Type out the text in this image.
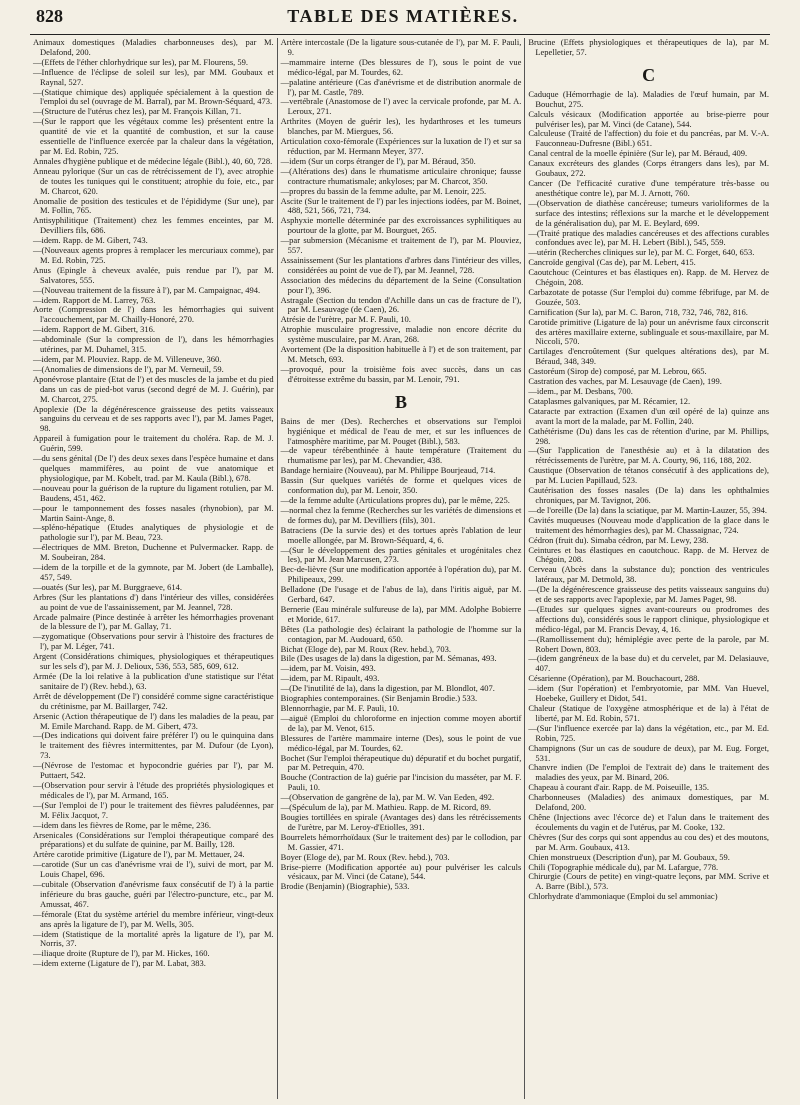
828	TABLE DES MATIÈRES.

Animaux domestiques (Maladies charbonneuses des), par M. Delafond, 200.

—(Effets de l'éther chlorhydrique sur les), par M. Flourens, 59.

—Influence de l'éclipse de soleil sur les), par MM. Goubaux et Raynal, 527.

—(Statique chimique des) appliquée spécialement à la question de l'emploi du sel (ouvrage de M. Barral), par M. Brown-Séquard, 473.

—(Structure de l'utérus chez les), par M. François Killan, 71.

—(Sur le rapport que les végétaux comme les) présentent entre la quantité de vie et la quantité de combustion, et sur la cause essentielle de l'influence exercée par la chaleur dans la végétation, par M. Ed. Robin, 725.

Annales d'hygiène publique et de médecine légale (Bibl.), 40, 60, 728.

Anneau pylorique (Sur un cas de rétrécissement de l'), avec atrophie de toutes les tuniques qui le constituent; atrophie du foie, etc., par M. Charcot, 620.

Anomalie de position des testicules et de l'épididyme (Sur une), par M. Follin, 765.

Antisyphilitique (Traitement) chez les femmes enceintes, par M. Devilliers fils, 686.

—idem. Rapp. de M. Gibert, 743.

—(Nouveaux agents propres à remplacer les mercuriaux comme), par M. Ed. Robin, 725.

Anus (Epingle à cheveux avalée, puis rendue par l'), par M. Salvatores, 555.

—(Nouveau traitement de la fissure à l'), par M. Campaignac, 494.

—idem. Rapport de M. Larrey, 763.

Aorte (Compression de l') dans les hémorrhagies qui suivent l'accouchement, par M. Chailly-Honoré, 270.

—idem. Rapport de M. Gibert, 316.

—abdominale (Sur la compression de l'), dans les hémorrhagies utérines, par M. Duhamel, 315.

—idem, par M. Plouviez. Rapp. de M. Villeneuve, 360.

—(Anomalies de dimensions de l'), par M. Verneuil, 59.

Aponévrose plantaire (Etat de l') et des muscles de la jambe et du pied dans un cas de pied-bot varus (second degré de M. J. Guérin), par M. Charcot, 275.

Apoplexie (De la dégénérescence graisseuse des petits vaisseaux sanguins du cerveau et de ses rapports avec l'), par M. James Paget, 98.

Appareil à fumigation pour le traitement du choléra. Rap. de M. J. Guérin, 599.

—du sens génital (De l') des deux sexes dans l'espèce humaine et dans quelques mammifères, au point de vue anatomique et physiologique, par M. Kobelt, trad. par M. Kaula (Bibl.), 678.

—nouveau pour la guérison de la rupture du ligament rotulien, par M. Baudens, 451, 462.

—pour le tamponnement des fosses nasales (rhynobion), par M. Martin Saint-Ange, 8.

—spléno-hépatique (Etudes analytiques de physiologie et de pathologie sur l'), par M. Beau, 723.

—électriques de MM. Breton, Duchenne et Pulvermacker. Rapp. de M. Soubeiran, 284.

—idem de la torpille et de la gymnote, par M. Jobert (de Lamballe), 457, 549.

—ouatés (Sur les), par M. Burggraeve, 614.

Arbres (Sur les plantations d') dans l'intérieur des villes, considérées au point de vue de l'assainissement, par M. Jeannel, 728.

Arcade palmaire (Pince destinée à arrêter les hémorrhagies provenant de la blessure de l'), par M. Gallay, 71.

—zygomatique (Observations pour servir à l'histoire des fractures de l'), par M. Léger, 741.

Argent (Considérations chimiques, physiologiques et thérapeutiques sur les sels d'), par M. J. Delioux, 536, 553, 585, 609, 612.

Armée (De la loi relative à la publication d'une statistique sur l'état sanitaire de l') (Rev. hebd.), 63.

Arrêt de développement (De l') considéré comme signe caractéristique du crétinisme, par M. Baillarger, 742.

Arsenic (Action thérapeutique de l') dans les maladies de la peau, par M. Emile Marchand. Rapp. de M. Gibert, 473.

—(Des indications qui doivent faire préférer l') ou le quinquina dans le traitement des fièvres intermittentes, par M. Dufour (de Lyon), 73.

—(Névrose de l'estomac et hypocondrie guéries par l'), par M. Puttaert, 542.

—(Observation pour servir à l'étude des propriétés physiologiques et médicales de l'), par M. Armand, 165.

—(Sur l'emploi de l') pour le traitement des fièvres paludéennes, par M. Félix Jacquot, 7.

—idem dans les fièvres de Rome, par le même, 236.

Arsenicales (Considérations sur l'emploi thérapeutique comparé des préparations) et du sulfate de quinine, par M. Bailly, 128.

Artère carotide primitive (Ligature de l'), par M. Mettauer, 24.

—carotide (Sur un cas d'anévrisme vrai de l'), suivi de mort, par M. Louis Chapel, 696.

—cubitale (Observation d'anévrisme faux consécutif de l') à la partie inférieure du bras gauche, guéri par l'électro-puncture, etc., par M. Amussat, 467.

—fémorale (Etat du système artériel du membre inférieur, vingt-deux ans après la ligature de l'), par M. Wells, 305.

—idem (Statistique de la mortalité après la ligature de l'), par M. Norris, 37.

—iliaque droite (Rupture de l'), par M. Hickes, 160.

—idem externe (Ligature de l'), par M. Labat, 383.

Artère intercostale (De la ligature sous-cutanée de l'), par M. F. Pauli, 9.

—mammaire interne (Des blessures de l'), sous le point de vue médico-légal, par M. Tourdes, 62.

—palatine antérieure (Cas d'anévrisme et de distribution anormale de l'), par M. Castle, 789.

—vertébrale (Anastomose de l') avec la cervicale profonde, par M. A. Leroux, 271.

Arthrites (Moyen de guérir les), les hydarthroses et les tumeurs blanches, par M. Miergues, 56.

Articulation coxo-fémorale (Expériences sur la luxation de l') et sur sa réduction, par M. Hermann Meyer, 377.

—idem (Sur un corps étranger de l'), par M. Béraud, 350.

—(Altérations des) dans le rhumatisme articulaire chronique; fausse contracture rhumatismale; ankyloses; par M. Charcot, 350.

—propres du bassin de la femme adulte, par M. Lenoir, 225.

Ascite (Sur le traitement de l') par les injections iodées, par M. Boinet, 488, 521, 566, 721, 734.

Asphyxie mortelle déterminée par des excroissances syphilitiques au pourtour de la glotte, par M. Bourguet, 265.

—par submersion (Mécanisme et traitement de l'), par M. Plouviez, 557.

Assainissement (Sur les plantations d'arbres dans l'intérieur des villes, considérées au point de vue de l'), par M. Jeannel, 728.

Association des médecins du département de la Seine (Consultation pour l'), 396.

Astragale (Section du tendon d'Achille dans un cas de fracture de l'), par M. Lesauvage (de Caen), 26.

Atrésie de l'urètre, par M. F. Pauli, 10.

Atrophie musculaire progressive, maladie non encore décrite du système musculaire, par M. Aran, 268.

Avortement (De la disposition habituelle à l') et de son traitement, par M. Metsch, 693.

—provoqué, pour la troisième fois avec succès, dans un cas d'étroitesse extrême du bassin, par M. Lenoir, 791.

B

Bains de mer (Des). Recherches et observations sur l'emploi hygiénique et médical de l'eau de mer, et sur les influences de l'atmosphère maritime, par M. Pouget (Bibl.), 583.

—de vapeur térébenthinée à haute température (Traitement du rhumatisme par les), par M. Chevandier, 438.

Bandage herniaire (Nouveau), par M. Philippe Bourjeaud, 714.

Bassin (Sur quelques variétés de forme et quelques vices de conformation du), par M. Lenoir, 350.

—de la femme adulte (Articulations propres du), par le même, 225.

—normal chez la femme (Recherches sur les variétés de dimensions et de formes du), par M. Devilliers (fils), 301.

Batraciens (De la survie des) et des tortues après l'ablation de leur moelle allongée, par M. Brown-Séquard, 4, 6.

—(Sur le développement des parties génitales et urogénitales chez les), par M. Jean Marcusen, 273.

Bec-de-lièvre (Sur une modification apportée à l'opération du), par M. Philipeaux, 299.

Belladone (De l'usage et de l'abus de la), dans l'iritis aiguë, par M. Gerbard, 647.

Bernerie (Eau minérale sulfureuse de la), par MM. Adolphe Bobierre et Moride, 617.

Bêtes (La pathologie des) éclairant la pathologie de l'homme sur la contagion, par M. Audouard, 650.

Bichat (Eloge de), par M. Roux (Rev. hebd.), 703.

Bile (Des usages de la) dans la digestion, par M. Sémanas, 493.

—idem, par M. Voisin, 493.

—idem, par M. Ripault, 493.

—(De l'inutilité de la), dans la digestion, par M. Blondlot, 407.

Biographies contemporaines. (Sir Benjamin Brodie.) 533.

Blennorrhagie, par M. F. Pauli, 10.

—aiguë (Emploi du chloroforme en injection comme moyen abortif de la), par M. Venot, 615.

Blessures de l'artère mammaire interne (Des), sous le point de vue médico-légal, par M. Tourdes, 62.

Bochet (Sur l'emploi thérapeutique du) dépuratif et du bochet purgatif, par M. Petrequin, 470.

Bouche (Contraction de la) guérie par l'incision du masséter, par M. F. Pauli, 10.

—(Observation de gangrène de la), par M. W. Van Eeden, 492.

—(Spéculum de la), par M. Mathieu. Rapp. de M. Ricord, 89.

Bougies tortillées en spirale (Avantages des) dans les rétrécissements de l'urètre, par M. Leroy-d'Etiolles, 391.

Bourrelets hémorrhoïdaux (Sur le traitement des) par le collodion, par M. Gassier, 471.

Boyer (Eloge de), par M. Roux (Rev. hebd.), 703.

Brise-pierre (Modification apportée au) pour pulvériser les calculs vésicaux, par M. Vinci (de Catane), 544.

Brodie (Benjamin) (Biographie), 533.

Brucine (Effets physiologiques et thérapeutiques de la), par M. Lepelletier, 57.

C

Caduque (Hémorrhagie de la). Maladies de l'œuf humain, par M. Bouchut, 275.

Calculs vésicaux (Modification apportée au brise-pierre pour pulvériser les), par M. Vinci (de Catane), 544.

Calculeuse (Traité de l'affection) du foie et du pancréas, par M. V.-A. Fauconneau-Dufresne (Bibl.) 651.

Canal central de la moelle épinière (Sur le), par M. Béraud, 409.

Canaux excréteurs des glandes (Corps étrangers dans les), par M. Goubaux, 272.

Cancer (De l'efficacité curative d'une température très-basse ou anesthétique contre le), par M. J. Arnott, 760.

—(Observation de diathèse cancéreuse; tumeurs varioliformes de la surface des intestins; réflexions sur la marche et le développement de la généralisation du), par M. E. Beylard, 699.

—(Traité pratique des maladies cancéreuses et des affections curables confondues avec le), par M. H. Lebert (Bibl.), 545, 559.

—utérin (Recherches cliniques sur le), par M. C. Forget, 640, 653.

Cancroïde gengival (Cas de), par M. Lebert, 415.

Caoutchouc (Ceintures et bas élastiques en). Rapp. de M. Hervez de Chégoin, 208.

Carbazotate de potasse (Sur l'emploi du) comme fébrifuge, par M. de Gouzée, 503.

Carnification (Sur la), par M. C. Baron, 718, 732, 746, 782, 816.

Carotide primitive (Ligature de la) pour un anévrisme faux circonscrit des artères maxillaire externe, sublinguale et sous-maxillaire, par M. Niccoli, 570.

Cartilages d'encroûtement (Sur quelques altérations des), par M. Béraud, 348, 349.

Castoréum (Sirop de) composé, par M. Lebrou, 665.

Castration des vaches, par M. Lesauvage (de Caen), 199.

—idem., par M. Desbans, 700.

Cataplasmes galvaniques, par M. Récamier, 12.

Cataracte par extraction (Examen d'un œil opéré de la) quinze ans avant la mort de la malade, par M. Follin, 240.

Cathétérisme (Du) dans les cas de rétention d'urine, par M. Phillips, 298.

—(Sur l'application de l'anesthésie au) et à la dilatation des rétrécissements de l'urètre, par M. A. Courty, 96, 116, 188, 202.

Caustique (Observation de tétanos consécutif à des applications de), par M. Lucien Papillaud, 523.

Cautérisation des fosses nasales (De la) dans les ophthalmies chroniques, par M. Tavignot, 206.

—de l'oreille (De la) dans la sciatique, par M. Martin-Lauzer, 55, 394.

Cavités muqueuses (Nouveau mode d'application de la glace dans le traitement des hémorrhagies des), par M. Chassaignac, 724.

Cédron (fruit du). Simaba cédron, par M. Lewy, 238.

Ceintures et bas élastiques en caoutchouc. Rapp. de M. Hervez de Chégoin, 208.

Cerveau (Abcès dans la substance du); ponction des ventricules latéraux, par M. Detmold, 38.

—(De la dégénérescence graisseuse des petits vaisseaux sanguins du) et de ses rapports avec l'apoplexie, par M. James Paget, 98.

—(Etudes sur quelques signes avant-coureurs ou prodromes des affections du), considérés sous le rapport clinique, physiologique et médico-légal, par M. Francis Devay, 4, 16.

—(Ramollissement du); hémiplégie avec perte de la parole, par M. Robert Down, 803.

—(idem gangréneux de la base du) et du cervelet, par M. Delasiauve, 407.

Césarienne (Opération), par M. Bouchacourt, 288.

—idem (Sur l'opération) et l'embryotomie, par MM. Van Huevel, Hoebeke, Guillery et Didot, 541.

Chaleur (Statique de l'oxygène atmosphérique et de la) à l'état de liberté, par M. Ed. Robin, 571.

—(Sur l'influence exercée par la) dans la végétation, etc., par M. Ed. Robin, 725.

Champignons (Sur un cas de soudure de deux), par M. Eug. Forget, 531.

Chanvre indien (De l'emploi de l'extrait de) dans le traitement des maladies des yeux, par M. Binard, 206.

Chapeau à courant d'air. Rapp. de M. Poiseuille, 135.

Charbonneuses (Maladies) des animaux domestiques, par M. Delafond, 200.

Chêne (Injections avec l'écorce de) et l'alun dans le traitement des écoulements du vagin et de l'utérus, par M. Cooke, 132.

Chèvres (Sur des corps qui sont appendus au cou des) et des moutons, par M. Arm. Goubaux, 413.

Chien monstrueux (Description d'un), par M. Goubaux, 59.

Chili (Topographie médicale du), par M. Lafargue, 778.

Chirurgie (Cours de petite) en vingt-quatre leçons, par MM. Scrive et A. Barre (Bibl.), 573.

Chlorhydrate d'ammoniaque (Emploi du sel ammoniac)
